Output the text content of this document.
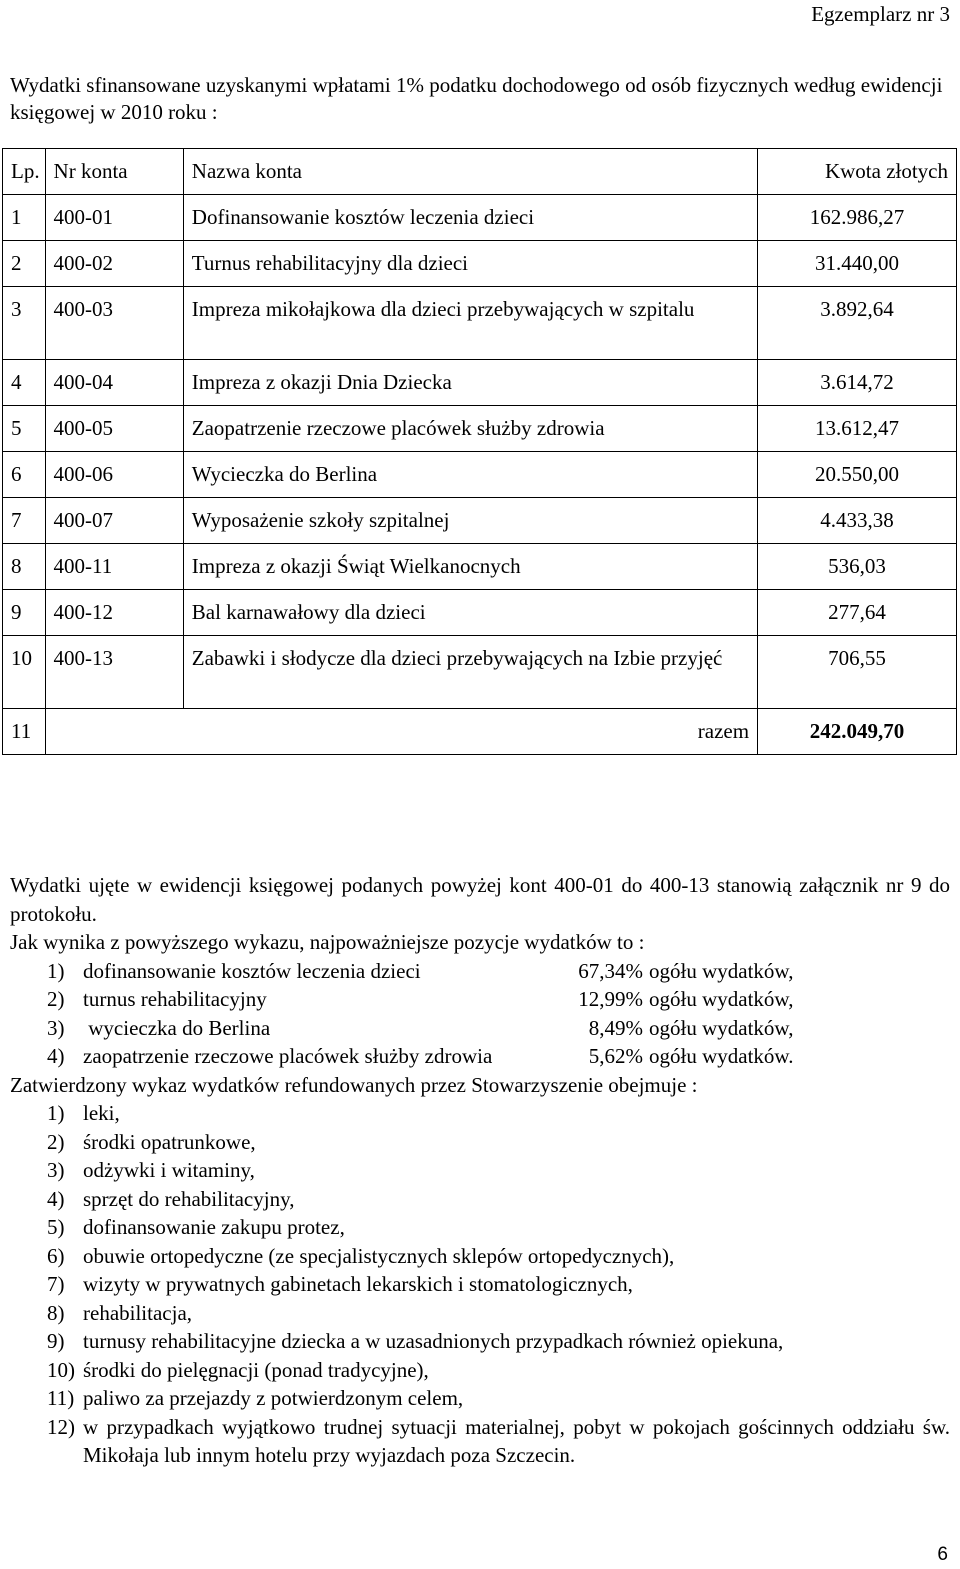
Egzemplarz nr 3
Wydatki sfinansowane uzyskanymi wpłatami 1% podatku dochodowego od osób fizycznych według ewidencji księgowej w 2010 roku :
Lp.	Nr konta	Nazwa konta	Kwota złotych
1	400-01	Dofinansowanie kosztów leczenia dzieci	162.986,27
2	400-02	Turnus rehabilitacyjny dla dzieci	31.440,00
3	400-03	Impreza mikołajkowa dla dzieci przebywających w szpitalu	3.892,64
4	400-04	Impreza z okazji Dnia Dziecka	3.614,72
5	400-05	Zaopatrzenie rzeczowe placówek służby zdrowia	13.612,47
6	400-06	Wycieczka do Berlina	20.550,00
7	400-07	Wyposażenie szkoły szpitalnej	4.433,38
8	400-11	Impreza z okazji Świąt Wielkanocnych	536,03
9	400-12	Bal karnawałowy dla dzieci	277,64
10	400-13	Zabawki i słodycze dla dzieci przebywających na Izbie przyjęć	706,55
11	razem		242.049,70

Wydatki ujęte w ewidencji księgowej podanych powyżej kont 400-01 do 400-13 stanowią załącznik nr 9 do protokołu.

Jak wynika z powyższego wykazu, najpoważniejsze pozycje wydatków to :

1) dofinansowanie kosztów leczenia dzieci	67,34% ogółu wydatków,
2) turnus rehabilitacyjny	12,99% ogółu wydatków,
3) wycieczka do Berlina	8,49% ogółu wydatków,
4) zaopatrzenie rzeczowe placówek służby zdrowia	5,62% ogółu wydatków.

Zatwierdzony wykaz wydatków refundowanych przez Stowarzyszenie obejmuje :

1) leki,
2) środki opatrunkowe,
3) odżywki i witaminy,
4) sprzęt do rehabilitacyjny,
5) dofinansowanie zakupu protez,
6) obuwie ortopedyczne (ze specjalistycznych sklepów ortopedycznych),
7) wizyty w prywatnych gabinetach lekarskich i stomatologicznych,
8) rehabilitacja,
9) turnusy rehabilitacyjne dziecka a w uzasadnionych przypadkach również opiekuna,
10) środki do pielęgnacji (ponad tradycyjne),
11) paliwo za przejazdy z potwierdzonym celem,
12) w przypadkach wyjątkowo trudnej sytuacji materialnej, pobyt w pokojach gościnnych oddziału św. Mikołaja lub innym hotelu przy wyjazdach poza Szczecin.
6
